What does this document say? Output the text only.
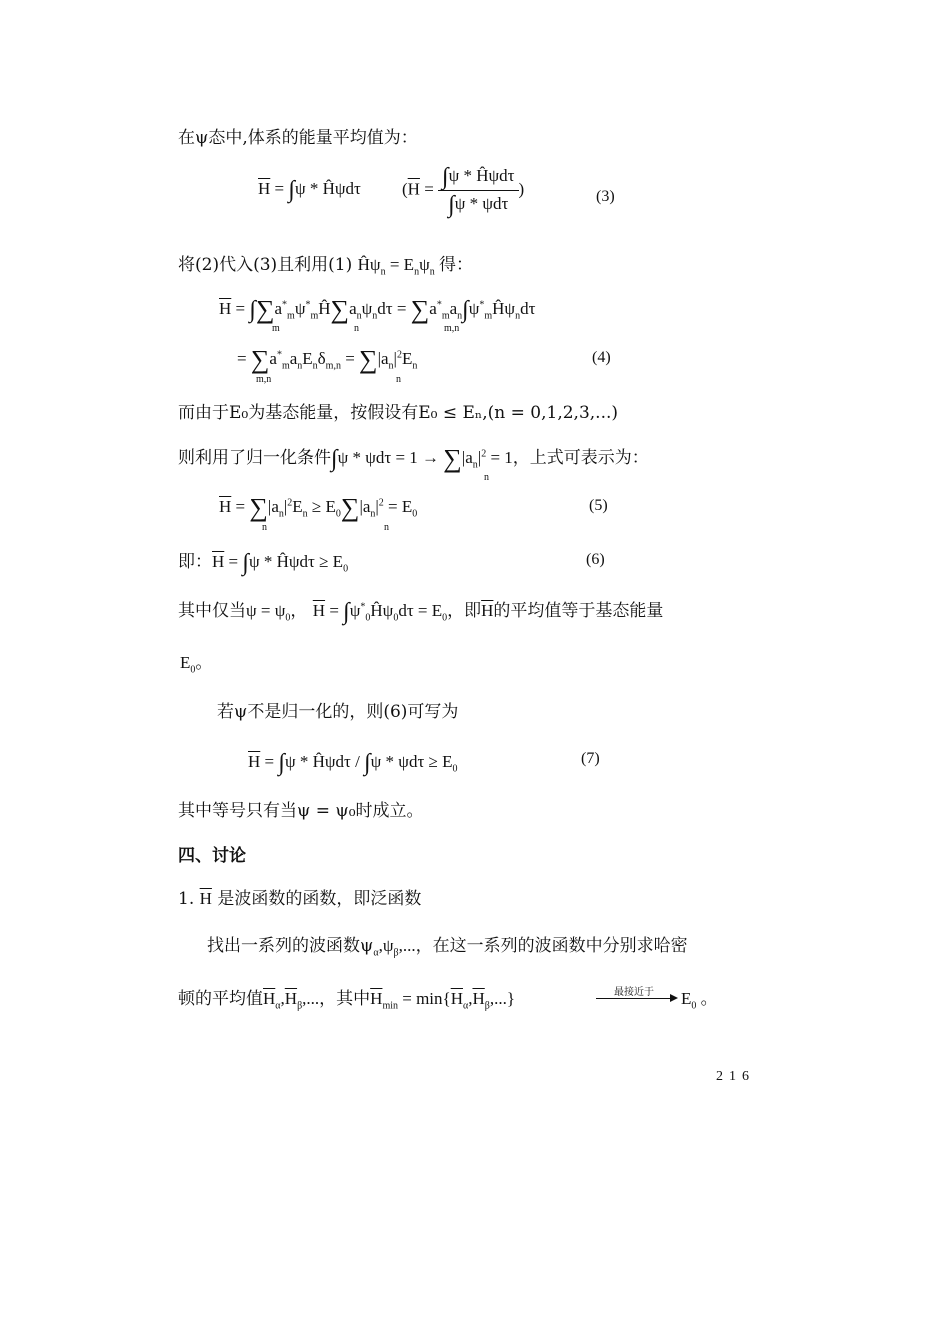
在ψ态中,体系的能量平均值为：
$\overline{H} = \int\psi$ * Ĥψdτ ($\overline{H} = \frac{\text{∫ψ * Ĥψdτ}}{\text{∫ψ * ψdτ}}$ )	(3)
将(2)代入(3)且利用(1) $Ĥ\psi_n = E_n\psi_n$ 得：
$\overline{H}$ = $\int\sum a^*_m\psi^*_mĤ\sum a_n\psi_nd\tau$ = $\sum a^*_ma_n\int\psi^*_mĤ\psi_nd\tau$
m	n	m,n
= $\sum a^*_ma_nE_n\delta_{m,n} = \sum|a_n|^2E_n$
m,n	n
(4)
而由于E₀为基态能量，按假设有E₀ ≤ Eₙ,(n = 0,1,2,3,...)
则利用了归一化条件$\int\psi * \psi d\tau = 1 \to \sum|a_n|^2 = 1$，上式可表示为：
n
$\overline{H} = \sum|a_n|^2E_n \ge E_0\sum|a_n|^2 = E_0$
n	n
(5)
即：$\overline{H} = \int\psi$ * Ĥψdτ ≥ $E_0$
(6)
其中仅当$\psi = \psi_0$， $\overline{H}$ = $\int\psi^*_0Ĥ\psi_0d\tau = E_0$，即$\overline{H}$的平均值等于基态能量
$E_0$。
若ψ不是归一化的，则(6)可写为
$\overline{H} = \int\psi$ * Ĥψdτ / $\int\psi * \psi d\tau \ge E_0$
(7)
其中等号只有当ψ = ψ₀时成立。
四、讨论
1. $\overline{H}$ 是波函数的函数，即泛函数
找出一系列的波函数$\psi_\alpha,\psi_\beta$,...，在这一系列的波函数中分别求哈密
顿的平均值$\overline{H}_\alpha,\overline{H}_\beta$,...，其中$\overline{H}_{min} = \min\{\overline{H}_\alpha,\overline{H}_\beta,...\}$	最接近于 $E_0$ 。
216
